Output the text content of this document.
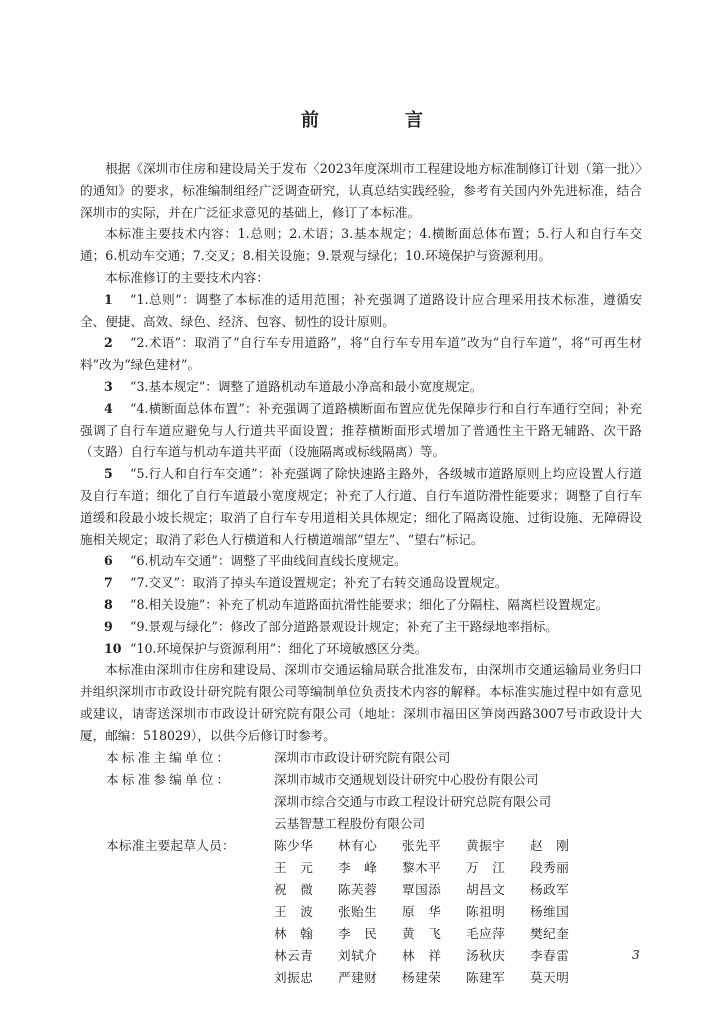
前　言

根据《深圳市住房和建设局关于发布〈2023年度深圳市工程建设地方标准制修订计划（第一批）〉的通知》的要求，标准编制组经广泛调查研究，认真总结实践经验，参考有关国内外先进标准，结合深圳市的实际，并在广泛征求意见的基础上，修订了本标准。

本标准主要技术内容：1.总则；2.术语；3.基本规定；4.横断面总体布置；5.行人和自行车交通；6.机动车交通；7.交叉；8.相关设施；9.景观与绿化；10.环境保护与资源利用。

本标准修订的主要技术内容：

1 “1.总则”：调整了本标准的适用范围；补充强调了道路设计应合理采用技术标准，遵循安全、便捷、高效、绿色、经济、包容、韧性的设计原则。

2 “2.术语”：取消了“自行车专用道路”，将“自行车专用车道”改为“自行车道”，将“可再生材料”改为“绿色建材”。

3 “3.基本规定”：调整了道路机动车道最小净高和最小宽度规定。

4 “4.横断面总体布置”：补充强调了道路横断面布置应优先保障步行和自行车通行空间；补充强调了自行车道应避免与人行道共平面设置；推荐横断面形式增加了普通性主干路无辅路、次干路（支路）自行车道与机动车道共平面（设施隔离或标线隔离）等。

5 “5.行人和自行车交通”：补充强调了除快速路主路外，各级城市道路原则上均应设置人行道及自行车道；细化了自行车道最小宽度规定；补充了人行道、自行车道防滑性能要求；调整了自行车道缓和段最小坡长规定；取消了自行车专用道相关具体规定；细化了隔离设施、过街设施、无障碍设施相关规定；取消了彩色人行横道和人行横道端部“望左”、“望右”标记。

6 “6.机动车交通”：调整了平曲线间直线长度规定。

7 “7.交叉”：取消了掉头车道设置规定；补充了右转交通岛设置规定。

8 “8.相关设施”：补充了机动车道路面抗滑性能要求；细化了分隔柱、隔离栏设置规定。

9 “9.景观与绿化”：修改了部分道路景观设计规定；补充了主干路绿地率指标。

10 “10.环境保护与资源利用”：细化了环境敏感区分类。

本标准由深圳市住房和建设局、深圳市交通运输局联合批准发布，由深圳市交通运输局业务归口并组织深圳市市政设计研究院有限公司等编制单位负责技术内容的解释。本标准实施过程中如有意见或建议，请寄送深圳市市政设计研究院有限公司（地址：深圳市福田区笋岗西路3007号市政设计大厦，邮编：518029），以供今后修订时参考。

本标准主编单位：	深圳市市政设计研究院有限公司
本标准参编单位：	深圳市城市交通规划设计研究中心股份有限公司
深圳市综合交通与市政工程设计研究总院有限公司
云基智慧工程股份有限公司
本标准主要起草人员：	陈少华	林有心	张先平	黄振宇	赵　刚
王　元	李　峰	黎木平	万　江	段秀丽
祝　微	陈芙蓉	覃国添	胡昌文	杨政军
王　波	张贻生	原　华	陈祖明	杨维国
林　翰	李　民	黄　飞	毛应萍	樊纪奎
林云青	刘轼介	林　祥	汤秋庆	李春雷
刘振忠	严建财	杨建荣	陈建军	莫天明
3
